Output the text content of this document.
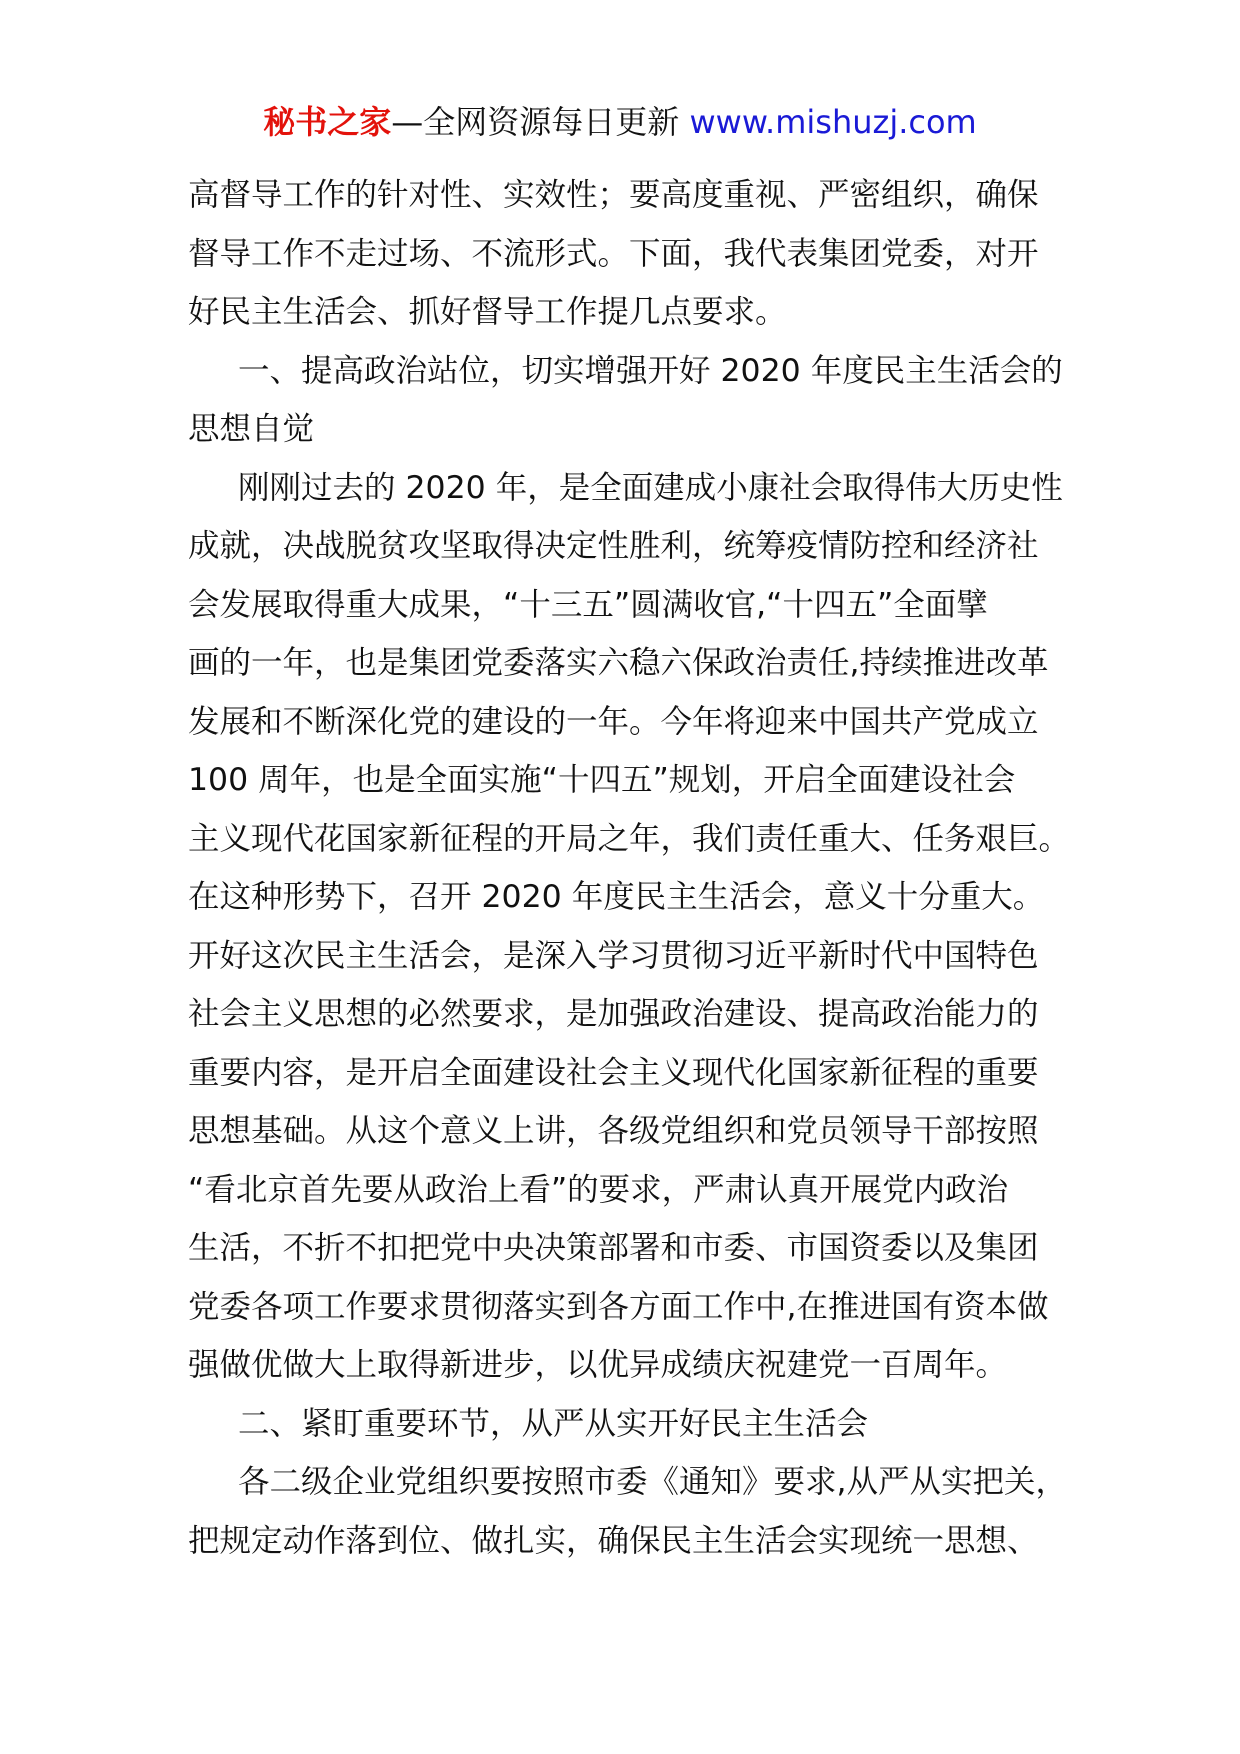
秘书之家—全网资源每日更新 www.mishuzj.com
高督导工作的针对性、实效性；要高度重视、严密组织，确保
督导工作不走过场、不流形式。下面，我代表集团党委，对开
好民主生活会、抓好督导工作提几点要求。
一、提高政治站位，切实增强开好 2020 年度民主生活会的
思想自觉
刚刚过去的 2020 年，是全面建成小康社会取得伟大历史性
成就，决战脱贫攻坚取得决定性胜利，统筹疫情防控和经济社
会发展取得重大成果，“十三五”圆满收官,“十四五”全面擘
画的一年，也是集团党委落实六稳六保政治责任,持续推进改革
发展和不断深化党的建设的一年。今年将迎来中国共产党成立
100 周年，也是全面实施“十四五”规划，开启全面建设社会
主义现代花国家新征程的开局之年，我们责任重大、任务艰巨。
在这种形势下，召开 2020 年度民主生活会，意义十分重大。
开好这次民主生活会，是深入学习贯彻习近平新时代中国特色
社会主义思想的必然要求，是加强政治建设、提高政治能力的
重要内容，是开启全面建设社会主义现代化国家新征程的重要
思想基础。从这个意义上讲，各级党组织和党员领导干部按照
“看北京首先要从政治上看”的要求，严肃认真开展党内政治
生活，不折不扣把党中央决策部署和市委、市国资委以及集团
党委各项工作要求贯彻落实到各方面工作中,在推进国有资本做
强做优做大上取得新进步，以优异成绩庆祝建党一百周年。
二、紧盯重要环节，从严从实开好民主生活会
各二级企业党组织要按照市委《通知》要求,从严从实把关，
把规定动作落到位、做扎实，确保民主生活会实现统一思想、
